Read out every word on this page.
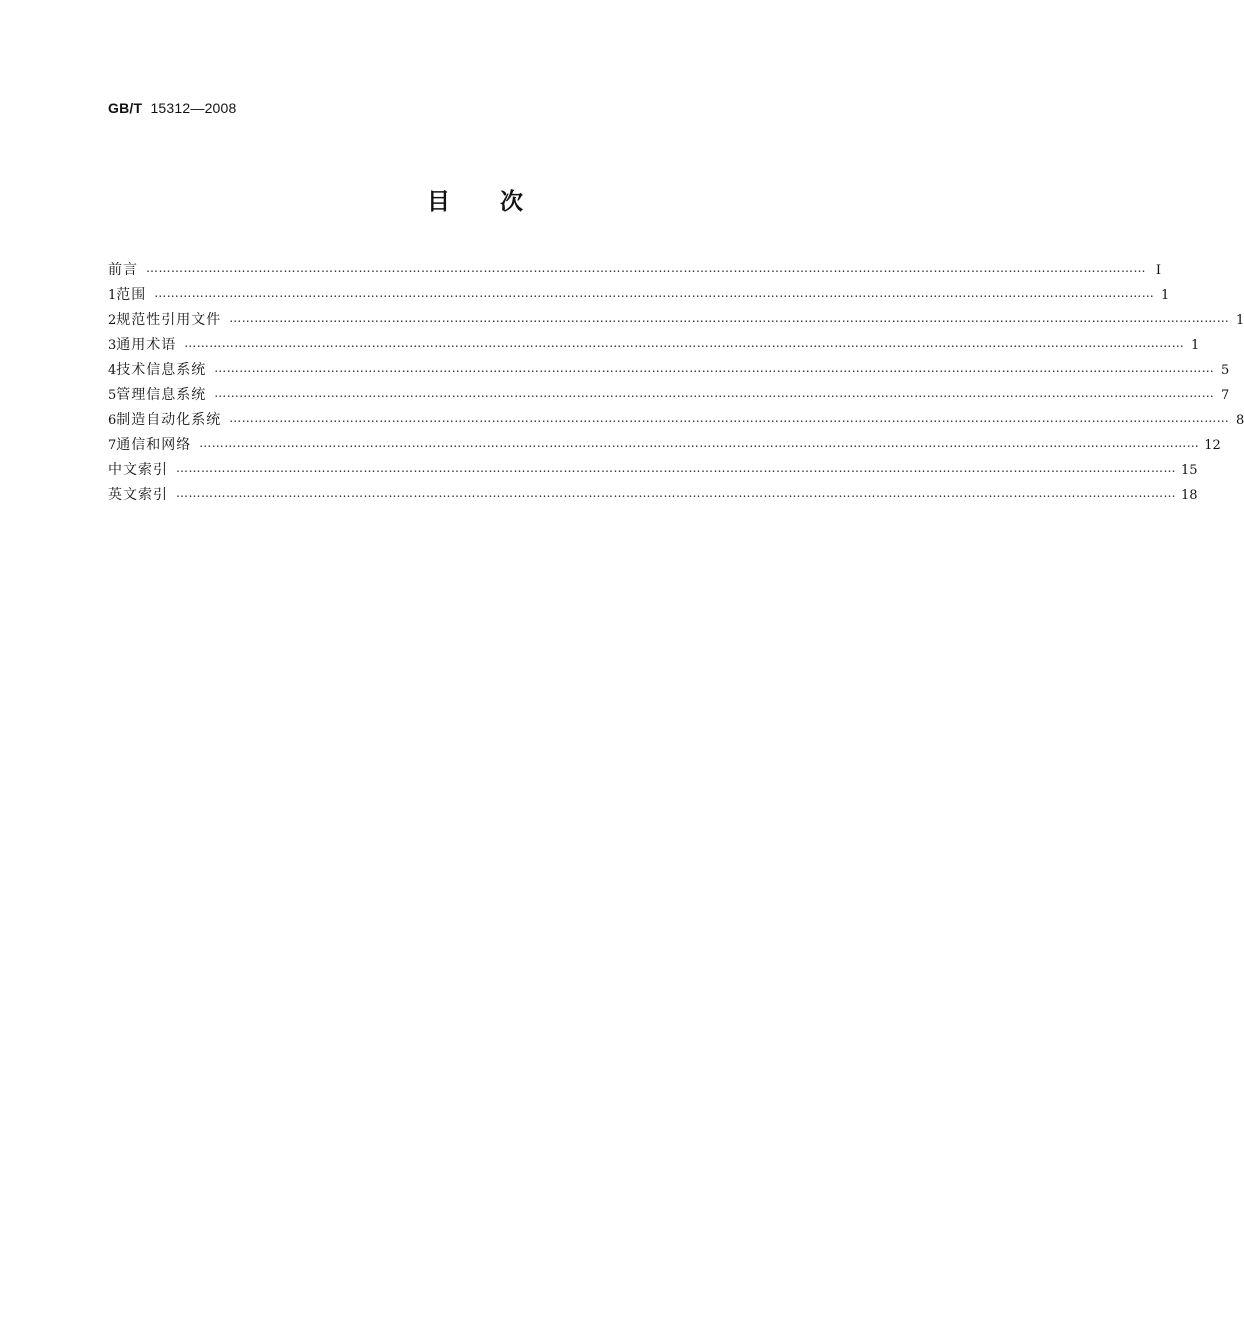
GB/T 15312—2008
目 次
前言 …………………………………………………………………………………………………………………………………………………………………………………………………………………… Ⅰ
1 范围 …………………………………………………………………………………………………………………………………………………………………………………………………………………… 1
2 规范性引用文件 …………………………………………………………………………………………………………………………………………………………………………………………………………………… 1
3 通用术语 …………………………………………………………………………………………………………………………………………………………………………………………………………………… 1
4 技术信息系统 …………………………………………………………………………………………………………………………………………………………………………………………………………………… 5
5 管理信息系统 …………………………………………………………………………………………………………………………………………………………………………………………………………………… 7
6 制造自动化系统 …………………………………………………………………………………………………………………………………………………………………………………………………………………… 8
7 通信和网络 …………………………………………………………………………………………………………………………………………………………………………………………………………………… 12
中文索引 …………………………………………………………………………………………………………………………………………………………………………………………………………………… 15
英文索引 …………………………………………………………………………………………………………………………………………………………………………………………………………………… 18
